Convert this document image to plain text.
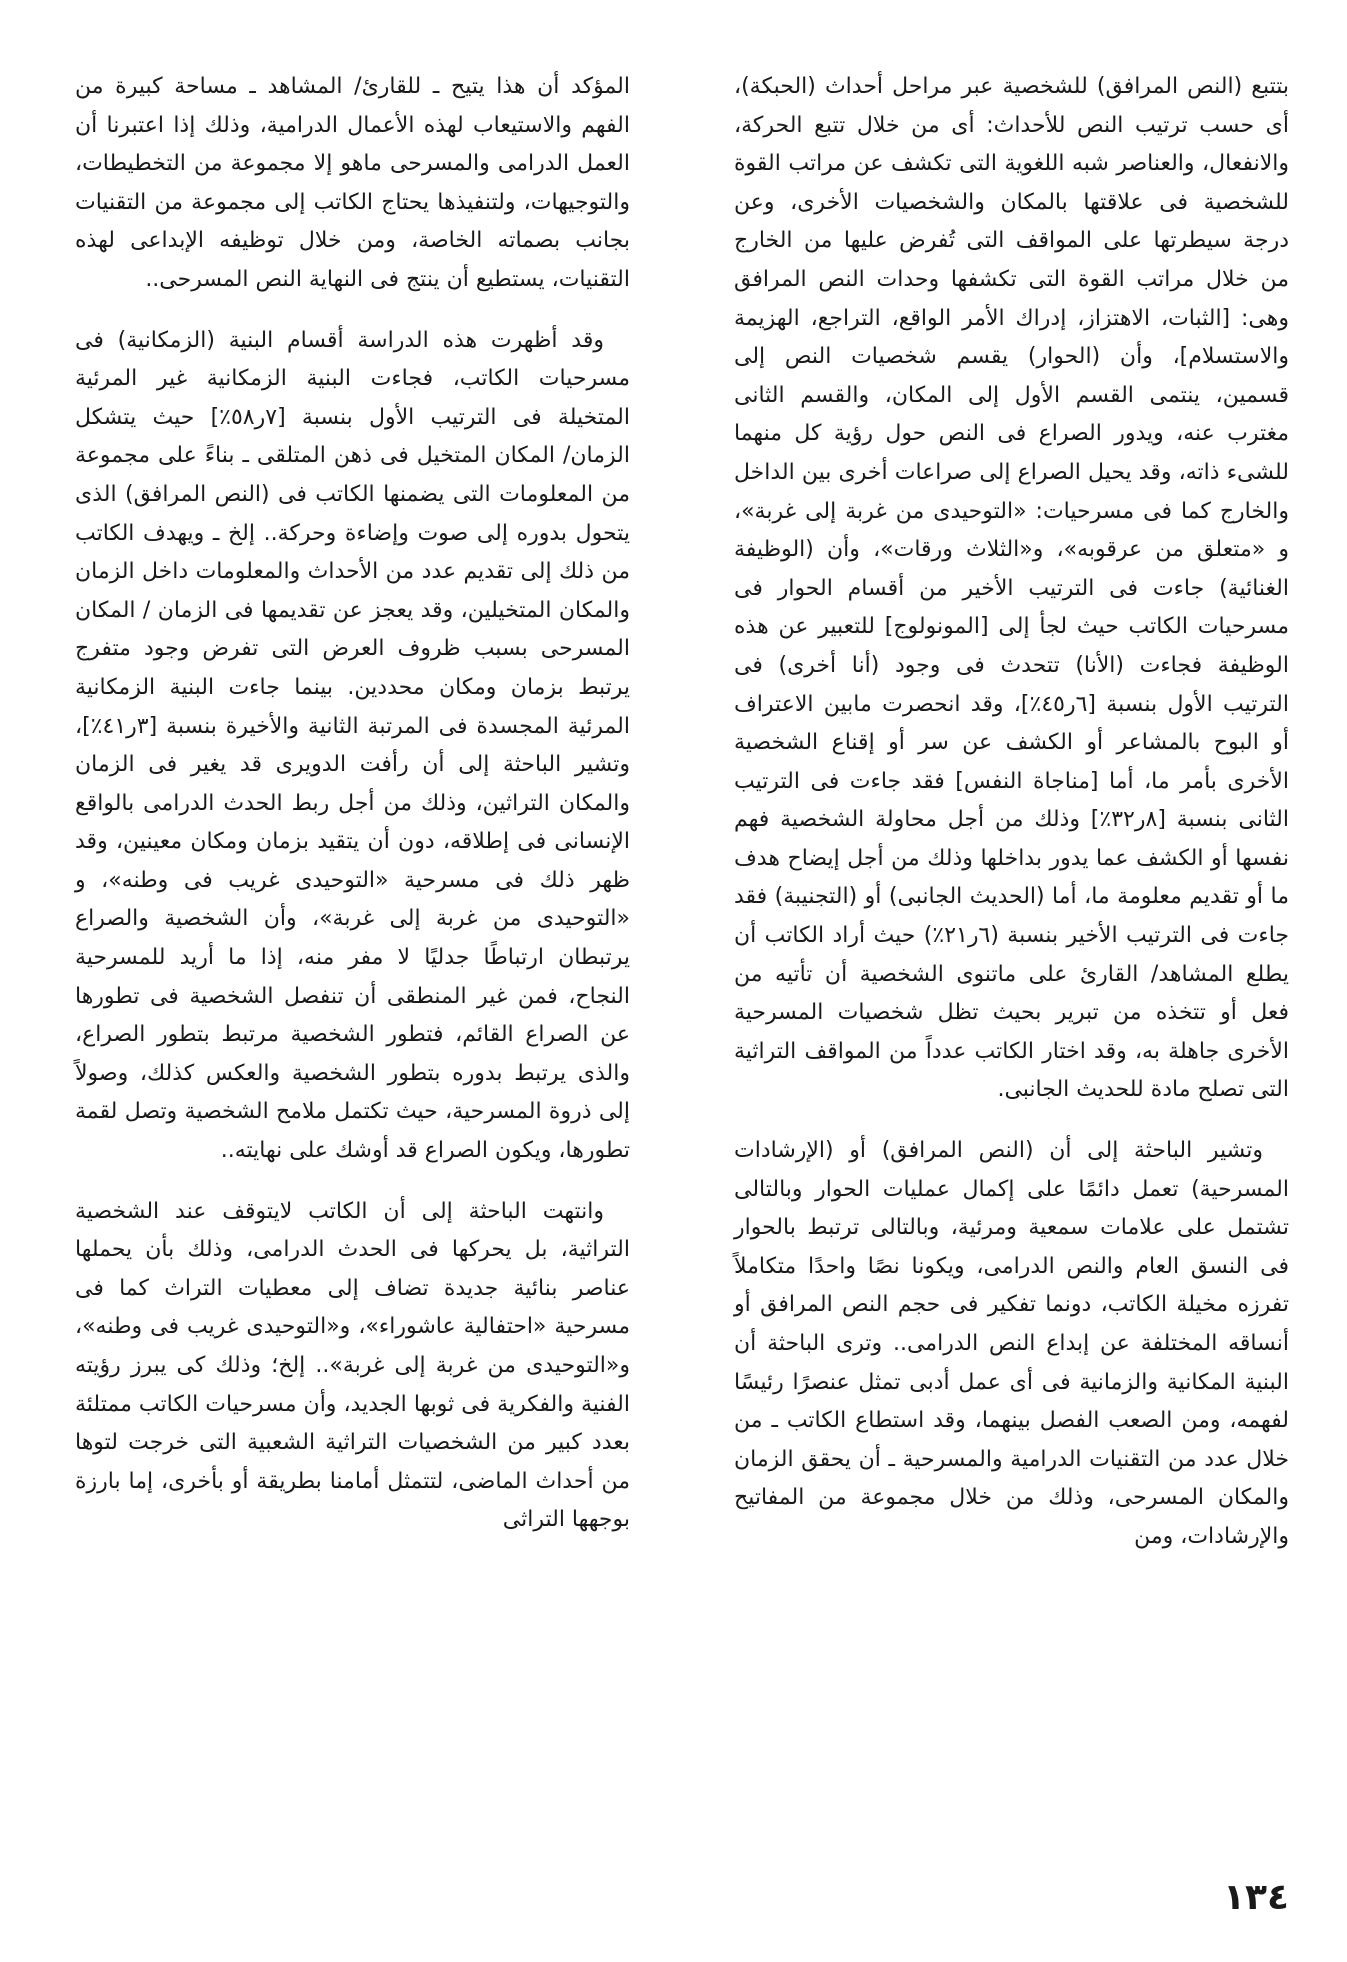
بتتبع (النص المرافق) للشخصية عبر مراحل أحداث (الحبكة)، أى حسب ترتيب النص للأحداث: أى من خلال تتبع الحركة، والانفعال، والعناصر شبه اللغوية التى تكشف عن مراتب القوة للشخصية فى علاقتها بالمكان والشخصيات الأخرى، وعن درجة سيطرتها على المواقف التى تُفرض عليها من الخارج من خلال مراتب القوة التى تكشفها وحدات النص المرافق وهى: [الثبات، الاهتزاز، إدراك الأمر الواقع، التراجع، الهزيمة والاستسلام]، وأن (الحوار) يقسم شخصيات النص إلى قسمين، ينتمى القسم الأول إلى المكان، والقسم الثانى مغترب عنه، ويدور الصراع فى النص حول رؤية كل منهما للشىء ذاته، وقد يحيل الصراع إلى صراعات أخرى بين الداخل والخارج كما فى مسرحيات: «التوحيدى من غربة إلى غربة»، و «متعلق من عرقوبه»، و«الثلاث ورقات»، وأن (الوظيفة الغنائية) جاءت فى الترتيب الأخير من أقسام الحوار فى مسرحيات الكاتب حيث لجأ إلى [المونولوج] للتعبير عن هذه الوظيفة فجاءت (الأنا) تتحدث فى وجود (أنا أخرى) فى الترتيب الأول بنسبة [٦ر٤٥٪]، وقد انحصرت مابين الاعتراف أو البوح بالمشاعر أو الكشف عن سر أو إقناع الشخصية الأخرى بأمر ما، أما [مناجاة النفس] فقد جاءت فى الترتيب الثانى بنسبة [٨ر٣٢٪] وذلك من أجل محاولة الشخصية فهم نفسها أو الكشف عما يدور بداخلها وذلك من أجل إيضاح هدف ما أو تقديم معلومة ما، أما (الحديث الجانبى) أو (التجنيبة) فقد جاءت فى الترتيب الأخير بنسبة (٦ر٢١٪) حيث أراد الكاتب أن يطلع المشاهد/ القارئ على ماتنوى الشخصية أن تأتيه من فعل أو تتخذه من تبرير بحيث تظل شخصيات المسرحية الأخرى جاهلة به، وقد اختار الكاتب عدداً من المواقف التراثية التى تصلح مادة للحديث الجانبى.

وتشير الباحثة إلى أن (النص المرافق) أو (الإرشادات المسرحية) تعمل دائمًا على إكمال عمليات الحوار وبالتالى تشتمل على علامات سمعية ومرئية، وبالتالى ترتبط بالحوار فى النسق العام والنص الدرامى، ويكونا نصًا واحدًا متكاملاً تفرزه مخيلة الكاتب، دونما تفكير فى حجم النص المرافق أو أنساقه المختلفة عن إبداع النص الدرامى.. وترى الباحثة أن البنية المكانية والزمانية فى أى عمل أدبى تمثل عنصرًا رئيسًا لفهمه، ومن الصعب الفصل بينهما، وقد استطاع الكاتب ـ من خلال عدد من التقنيات الدرامية والمسرحية ـ أن يحقق الزمان والمكان المسرحى، وذلك من خلال مجموعة من المفاتيح والإرشادات، ومن

المؤكد أن هذا يتيح ـ للقارئ/ المشاهد ـ مساحة كبيرة من الفهم والاستيعاب لهذه الأعمال الدرامية، وذلك إذا اعتبرنا أن العمل الدرامى والمسرحى ماهو إلا مجموعة من التخطيطات، والتوجيهات، ولتنفيذها يحتاج الكاتب إلى مجموعة من التقنيات بجانب بصماته الخاصة، ومن خلال توظيفه الإبداعى لهذه التقنيات، يستطيع أن ينتج فى النهاية النص المسرحى..

وقد أظهرت هذه الدراسة أقسام البنية (الزمكانية) فى مسرحيات الكاتب، فجاءت البنية الزمكانية غير المرئية المتخيلة فى الترتيب الأول بنسبة [٧ر٥٨٪] حيث يتشكل الزمان/ المكان المتخيل فى ذهن المتلقى ـ بناءً على مجموعة من المعلومات التى يضمنها الكاتب فى (النص المرافق) الذى يتحول بدوره إلى صوت وإضاءة وحركة.. إلخ ـ ويهدف الكاتب من ذلك إلى تقديم عدد من الأحداث والمعلومات داخل الزمان والمكان المتخيلين، وقد يعجز عن تقديمها فى الزمان / المكان المسرحى بسبب ظروف العرض التى تفرض وجود متفرج يرتبط بزمان ومكان محددين. بينما جاءت البنية الزمكانية المرئية المجسدة فى المرتبة الثانية والأخيرة بنسبة [٣ر٤١٪]، وتشير الباحثة إلى أن رأفت الدويرى قد يغير فى الزمان والمكان التراثين، وذلك من أجل ربط الحدث الدرامى بالواقع الإنسانى فى إطلاقه، دون أن يتقيد بزمان ومكان معينين، وقد ظهر ذلك فى مسرحية «التوحيدى غريب فى وطنه»، و «التوحيدى من غربة إلى غربة»، وأن الشخصية والصراع يرتبطان ارتباطًا جدليًا لا مفر منه، إذا ما أريد للمسرحية النجاح، فمن غير المنطقى أن تنفصل الشخصية فى تطورها عن الصراع القائم، فتطور الشخصية مرتبط بتطور الصراع، والذى يرتبط بدوره بتطور الشخصية والعكس كذلك، وصولاً إلى ذروة المسرحية، حيث تكتمل ملامح الشخصية وتصل لقمة تطورها، ويكون الصراع قد أوشك على نهايته..

وانتهت الباحثة إلى أن الكاتب لايتوقف عند الشخصية التراثية، بل يحركها فى الحدث الدرامى، وذلك بأن يحملها عناصر بنائية جديدة تضاف إلى معطيات التراث كما فى مسرحية «احتفالية عاشوراء»، و«التوحيدى غريب فى وطنه»، و«التوحيدى من غربة إلى غربة».. إلخ؛ وذلك كى يبرز رؤيته الفنية والفكرية فى ثوبها الجديد، وأن مسرحيات الكاتب ممتلئة بعدد كبير من الشخصيات التراثية الشعبية التى خرجت لتوها من أحداث الماضى، لتتمثل أمامنا بطريقة أو بأخرى، إما بارزة بوجهها التراثى

١٣٤
